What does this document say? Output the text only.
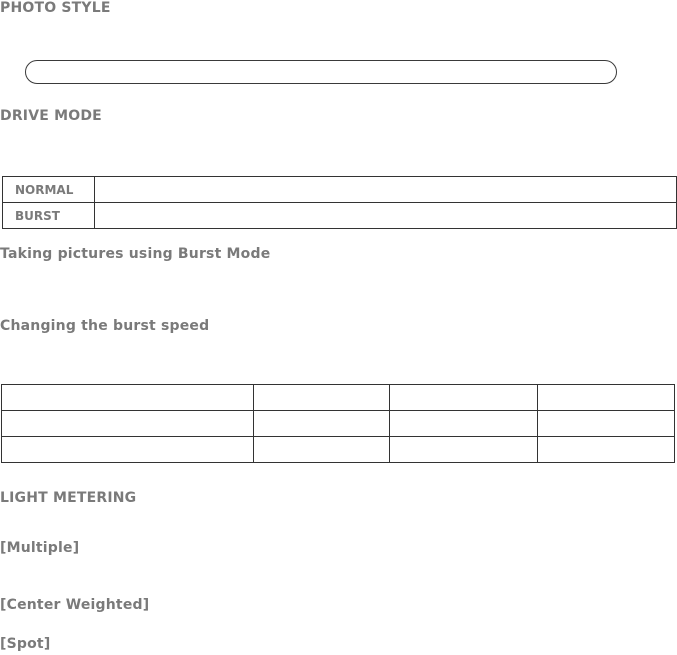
PHOTO STYLE
DRIVE MODE
NORMAL	
BURST	
Taking pictures using Burst Mode
Changing the burst speed

LIGHT METERING
[Multiple]
[Center Weighted]
[Spot]
